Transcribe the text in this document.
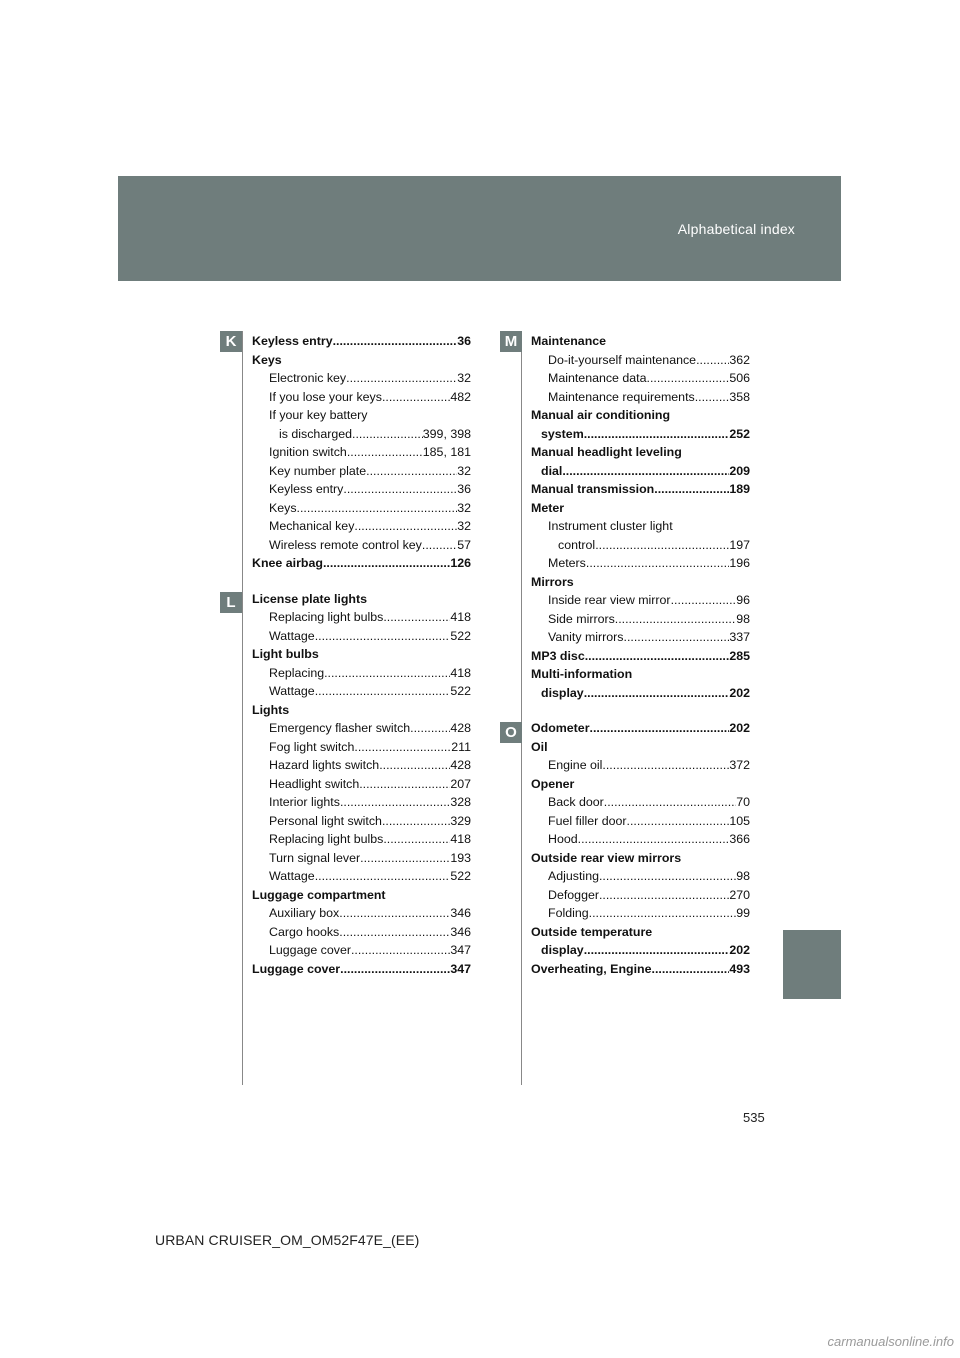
Alphabetical index
K
L
M
O
Keyless entry .....	36
Keys
Electronic key .....	32
If you lose your keys .....	482
If your key battery
is discharged .....	399, 398
Ignition switch .....	185, 181
Key number plate .....	32
Keyless entry .....	36
Keys .....	32
Mechanical key .....	32
Wireless remote control key .....	57
Knee airbag .....	126
License plate lights
Replacing light bulbs .....	418
Wattage .....	522
Light bulbs
Replacing .....	418
Wattage .....	522
Lights
Emergency flasher switch .....	428
Fog light switch .....	211
Hazard lights switch .....	428
Headlight switch .....	207
Interior lights .....	328
Personal light switch .....	329
Replacing light bulbs .....	418
Turn signal lever .....	193
Wattage .....	522
Luggage compartment
Auxiliary box .....	346
Cargo hooks .....	346
Luggage cover .....	347
Luggage cover .....	347
Maintenance
Do-it-yourself maintenance .....	362
Maintenance data .....	506
Maintenance requirements .....	358
Manual air conditioning
system .....	252
Manual headlight leveling
dial .....	209
Manual transmission .....	189
Meter
Instrument cluster light
control .....	197
Meters .....	196
Mirrors
Inside rear view mirror .....	96
Side mirrors .....	98
Vanity mirrors .....	337
MP3 disc .....	285
Multi-information
display .....	202
Odometer .....	202
Oil
Engine oil .....	372
Opener
Back door .....	70
Fuel filler door .....	105
Hood .....	366
Outside rear view mirrors
Adjusting .....	98
Defogger .....	270
Folding .....	99
Outside temperature
display .....	202
Overheating, Engine .....	493
535
URBAN CRUISER_OM_OM52F47E_(EE)
carmanualsonline.info
